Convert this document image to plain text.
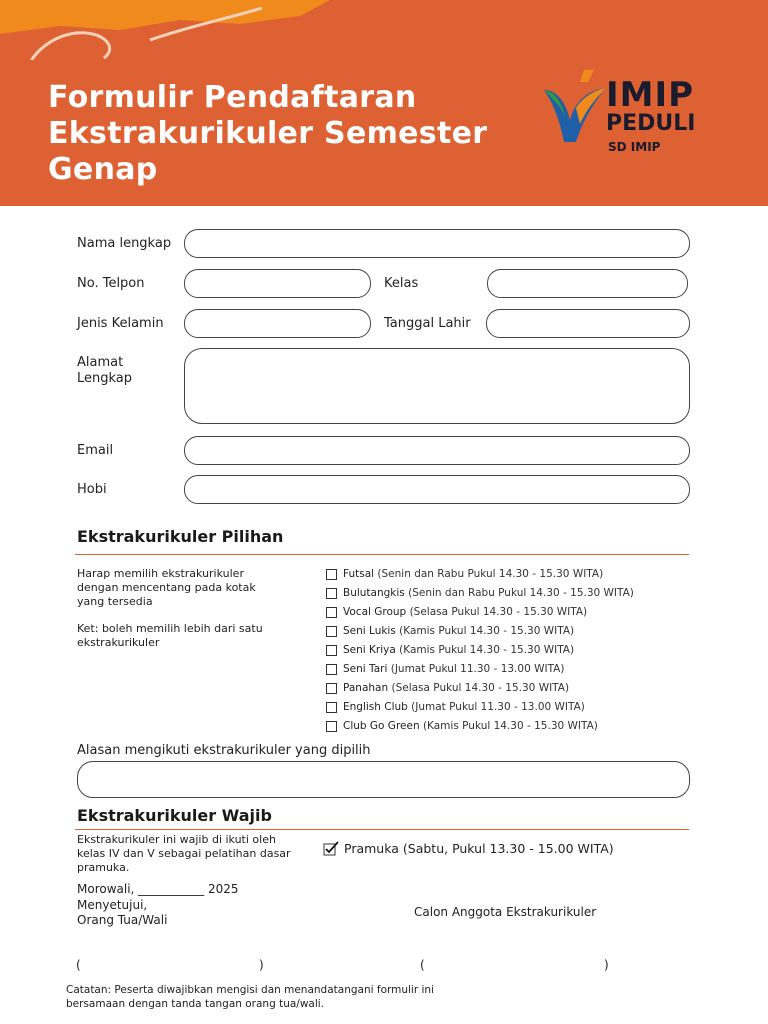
Formulir Pendaftaran Ekstrakurikuler Semester Genap
IMIP
PEDULI
SD IMIP
Nama lengkap
No. Telpon	Kelas
Jenis Kelamin	Tanggal Lahir
Alamat
Lengkap
Email
Hobi
Ekstrakurikuler Pilihan
Harap memilih ekstrakurikuler dengan mencentang pada kotak yang tersedia
Ket: boleh memilih lebih dari satu ekstrakurikuler
Futsal
(Senin dan Rabu Pukul 14.30 - 15.30 WITA)
Bulutangkis
(Senin dan Rabu Pukul 14.30 - 15.30 WITA)
Vocal Group
(Selasa Pukul 14.30 - 15.30 WITA)
Seni Lukis
(Kamis Pukul 14.30 - 15.30 WITA)
Seni Kriya
(Kamis Pukul 14.30 - 15.30 WITA)
Seni Tari
(Jumat Pukul 11.30 - 13.00 WITA)
Panahan
(Selasa Pukul 14.30 - 15.30 WITA)
English Club
(Jumat Pukul 11.30 - 13.00 WITA)
Club Go Green
(Kamis Pukul 14.30 - 15.30 WITA)
Alasan mengikuti ekstrakurikuler yang dipilih
Ekstrakurikuler Wajib
Ekstrakurikuler ini wajib di ikuti oleh kelas IV dan V sebagai pelatihan dasar pramuka.
Pramuka
(Sabtu, Pukul 13.30 - 15.00 WITA)
Morowali, ___________ 2025
Menyetujui,
Orang Tua/Wali
Calon Anggota Ekstrakurikuler
(	)	(	)
Catatan: Peserta diwajibkan mengisi dan menandatangani formulir ini bersamaan dengan tanda tangan orang tua/wali.
